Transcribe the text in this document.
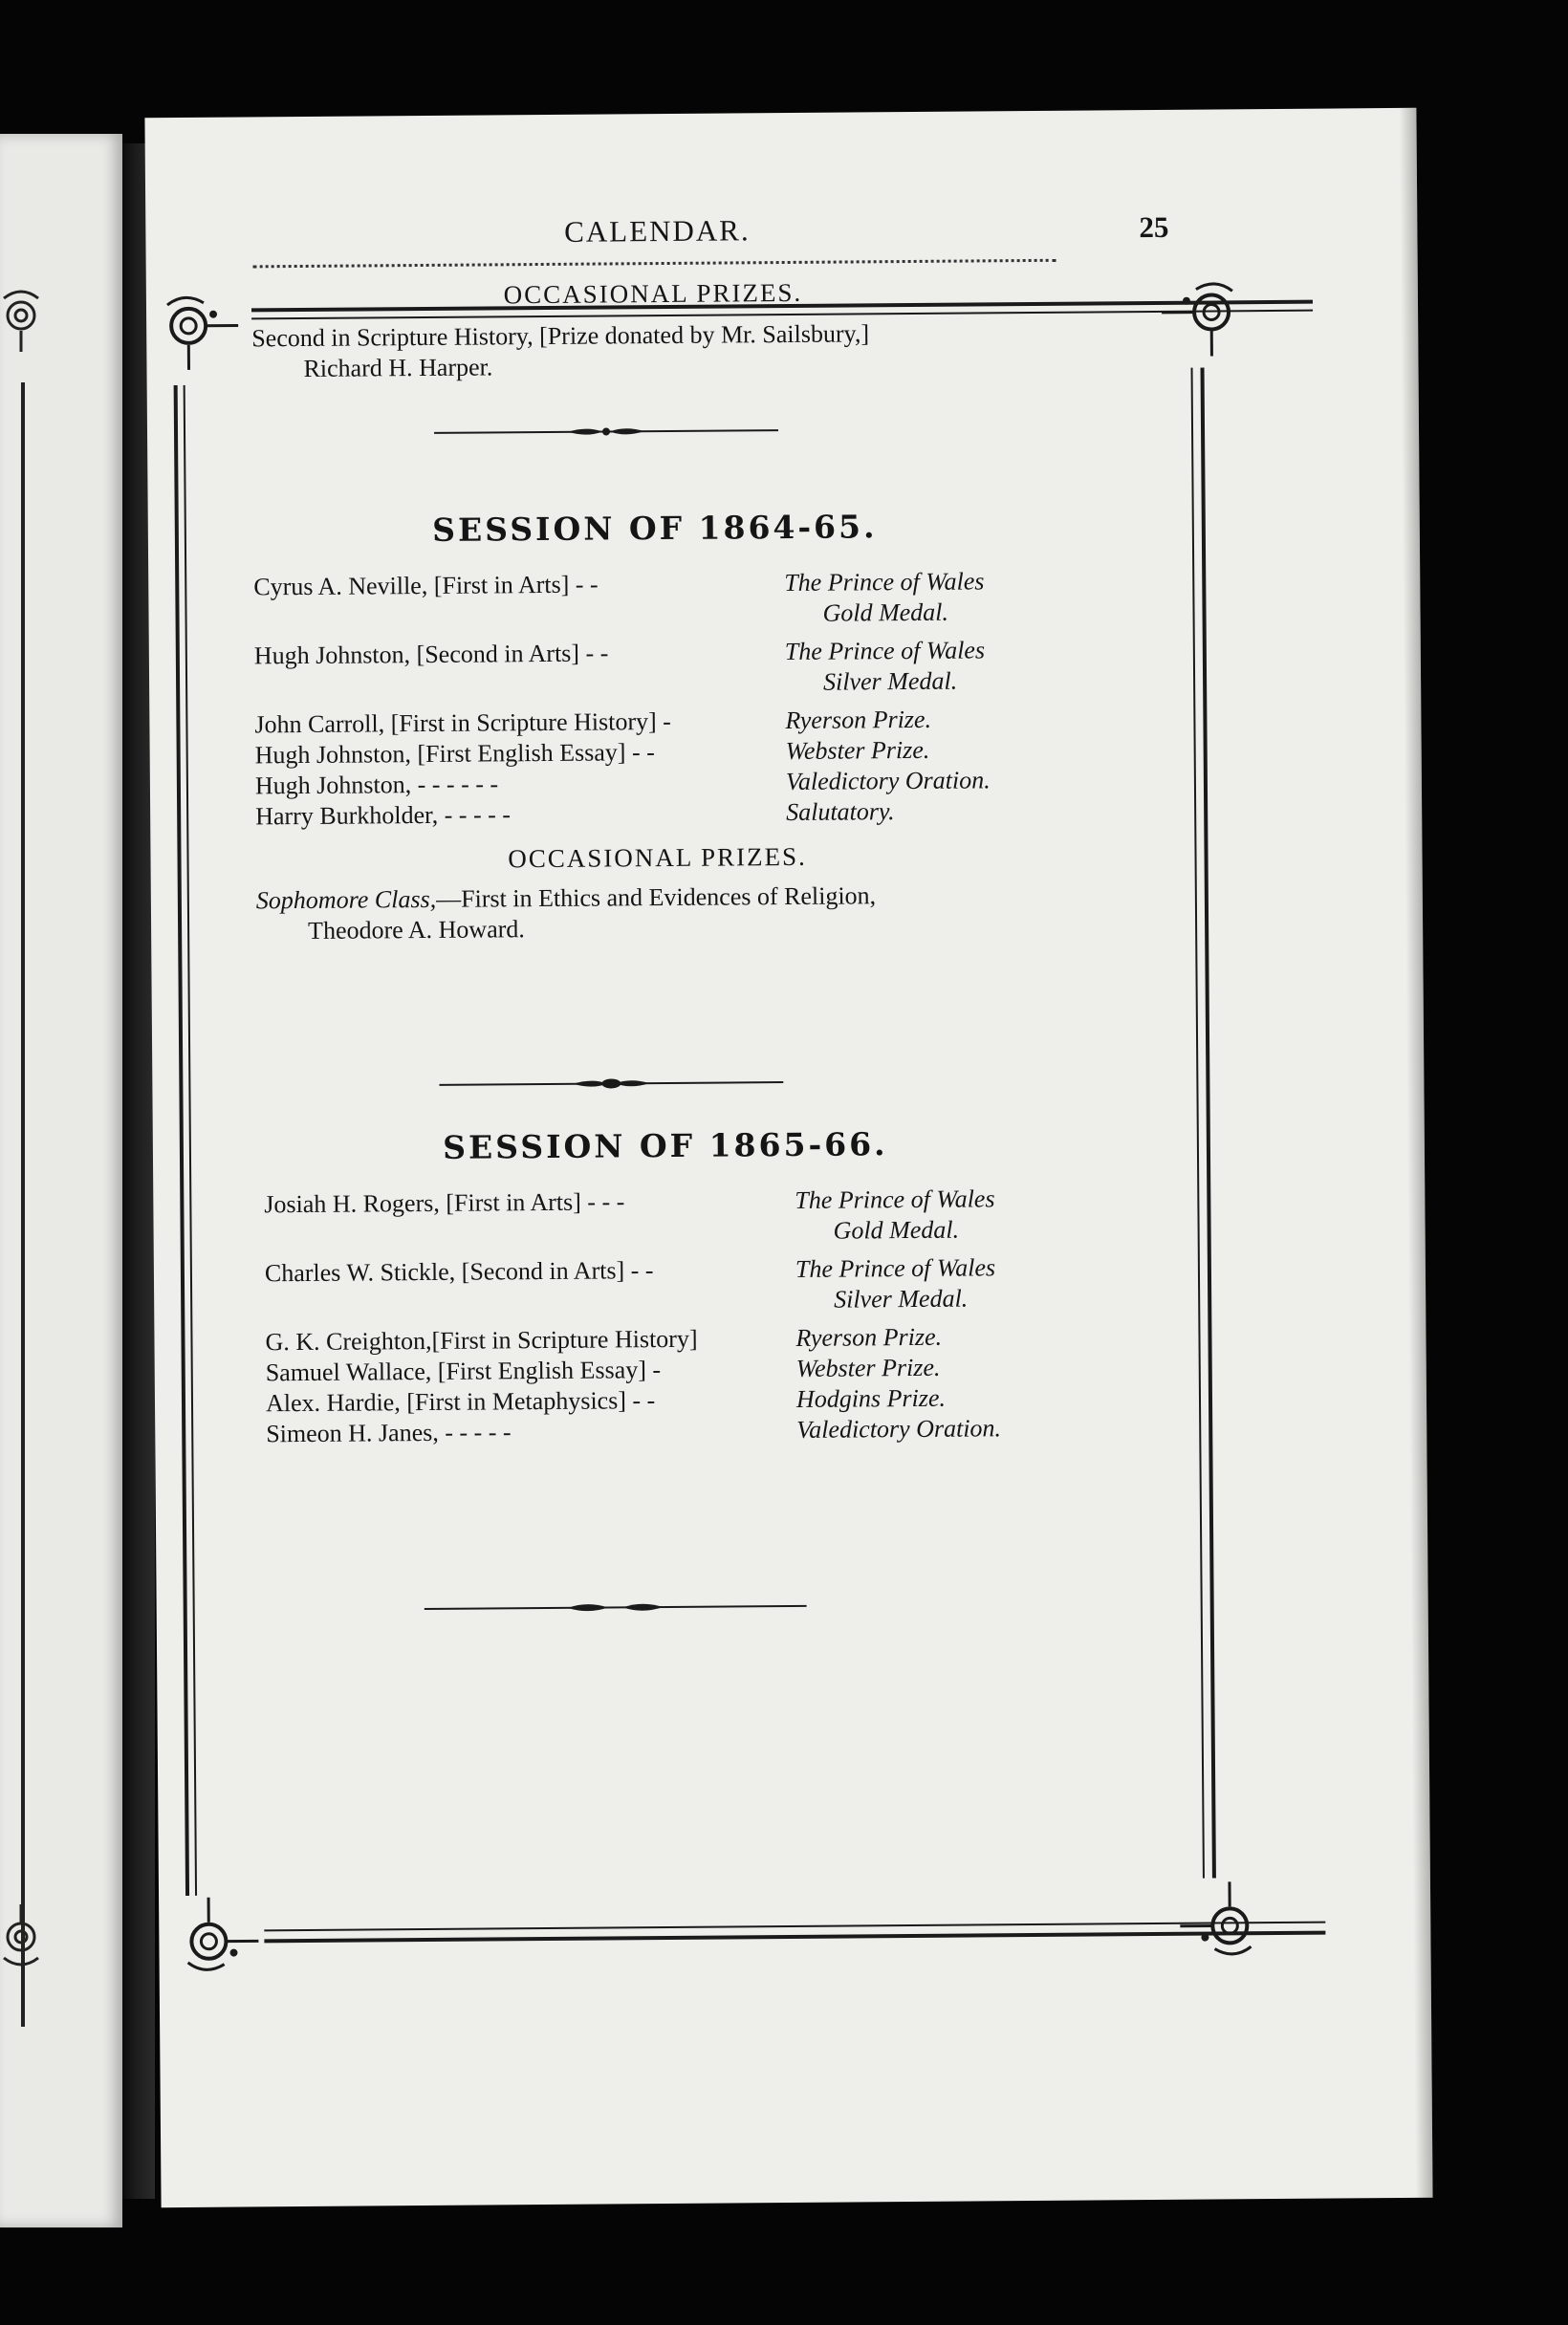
CALENDAR.	25
OCCASIONAL PRIZES.
Second in Scripture History, [Prize donated by Mr. Sailsbury,]
Richard H. Harper.
SESSION OF 1864-65.
Cyrus A. Neville, [First in Arts] - -	The Prince of Wales
Gold Medal.
Hugh Johnston, [Second in Arts] - -	The Prince of Wales
Silver Medal.
John Carroll, [First in Scripture History] -	Ryerson Prize.
Hugh Johnston, [First English Essay] - -	Webster Prize.
Hugh Johnston, - - - - - -	Valedictory Oration.
Harry Burkholder, - - - - -	Salutatory.
OCCASIONAL PRIZES.
Sophomore Class,—First in Ethics and Evidences of Religion,
Theodore A. Howard.
SESSION OF 1865-66.
Josiah H. Rogers, [First in Arts] - - -	The Prince of Wales
Gold Medal.
Charles W. Stickle, [Second in Arts] - -	The Prince of Wales
Silver Medal.
G. K. Creighton,[First in Scripture History]	Ryerson Prize.
Samuel Wallace, [First English Essay] -	Webster Prize.
Alex. Hardie, [First in Metaphysics] - -	Hodgins Prize.
Simeon H. Janes, - - - - -	Valedictory Oration.
